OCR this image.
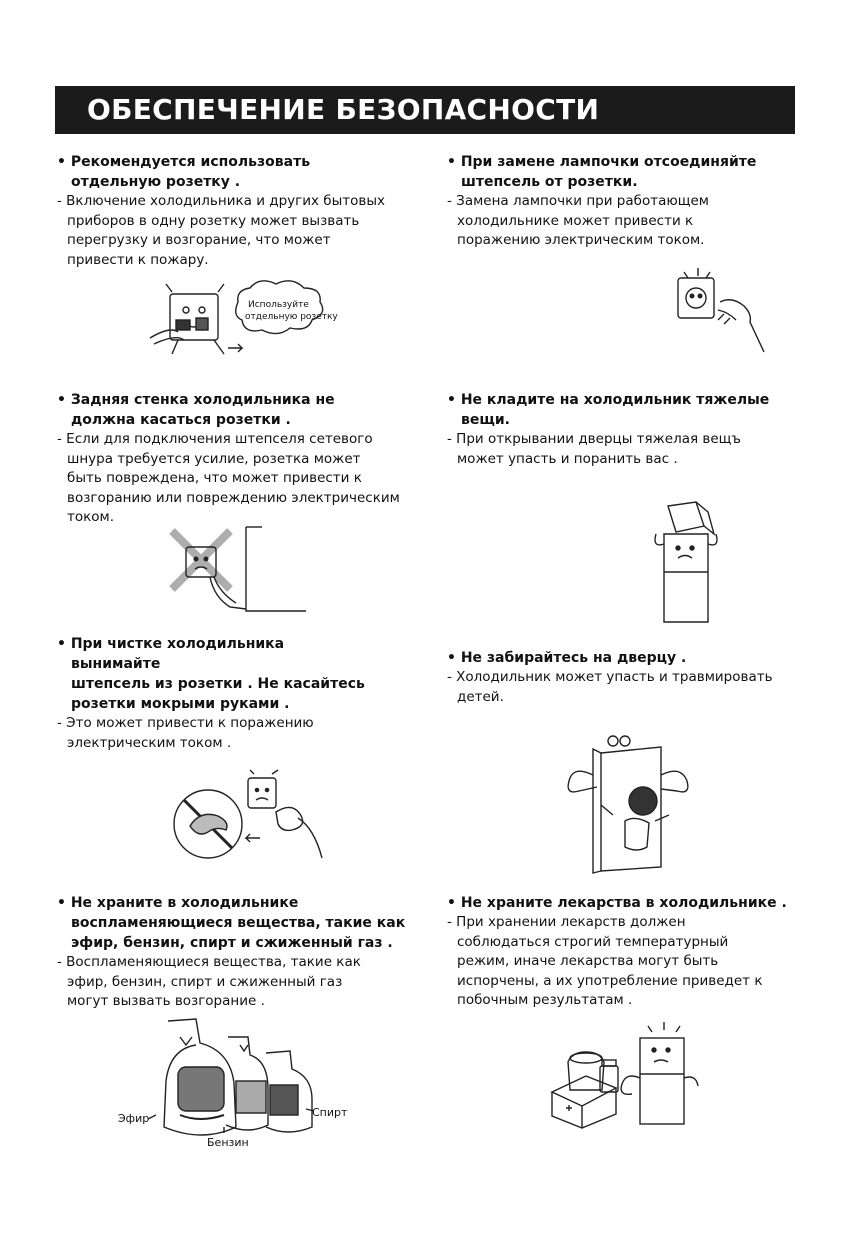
ОБЕСПЕЧЕНИЕ БЕЗОПАСНОСТИ

• Рекомендуется использовать
отдельную розетку .

- Включение холодильника и других бытовых
приборов в одну розетку может вызвать
перегрузку и возгорание, что может
привести к пожару.

• При замене лампочки отсоединяйте
штепсель от розетки.

- Замена лампочки при работающем
холодильнике может привести к
поражению электрическим током.

• Задняя стенка холодильника не
должна касаться розетки .

- Если для подключения штепселя сетевого
шнура требуется усилие, розетка может
быть повреждена, что может привести к
возгоранию или повреждению электрическим
током.

• Не кладите на холодильник тяжелые
вещи.

- При открывании дверцы тяжелая вещъ
может упасть и поранить вас .

• При чистке холодильника
вынимайте
штепсель из розетки . Не касайтесь
розетки мокрыми руками .

- Это может привести к поражению
электрическим током .

• Не забирайтесь на дверцу .

- Холодильник может упасть и травмировать
детей.

• Не храните в холодильнике
воспламеняющиеся вещества, такие как
эфир, бензин, спирт и сжиженный газ .

- Воспламеняющиеся вещества, такие как
эфир, бензин, спирт и сжиженный газ
могут вызвать возгорание .

• Не храните лекарства в холодильнике .

- При хранении лекарств должен
соблюдаться строгий температурный
режим, иначе лекарства могут быть
испорчены, а их употребление приведет к
побочным результатам .

Используйте
отдельную розетку
Эфир
Бензин
Спирт
